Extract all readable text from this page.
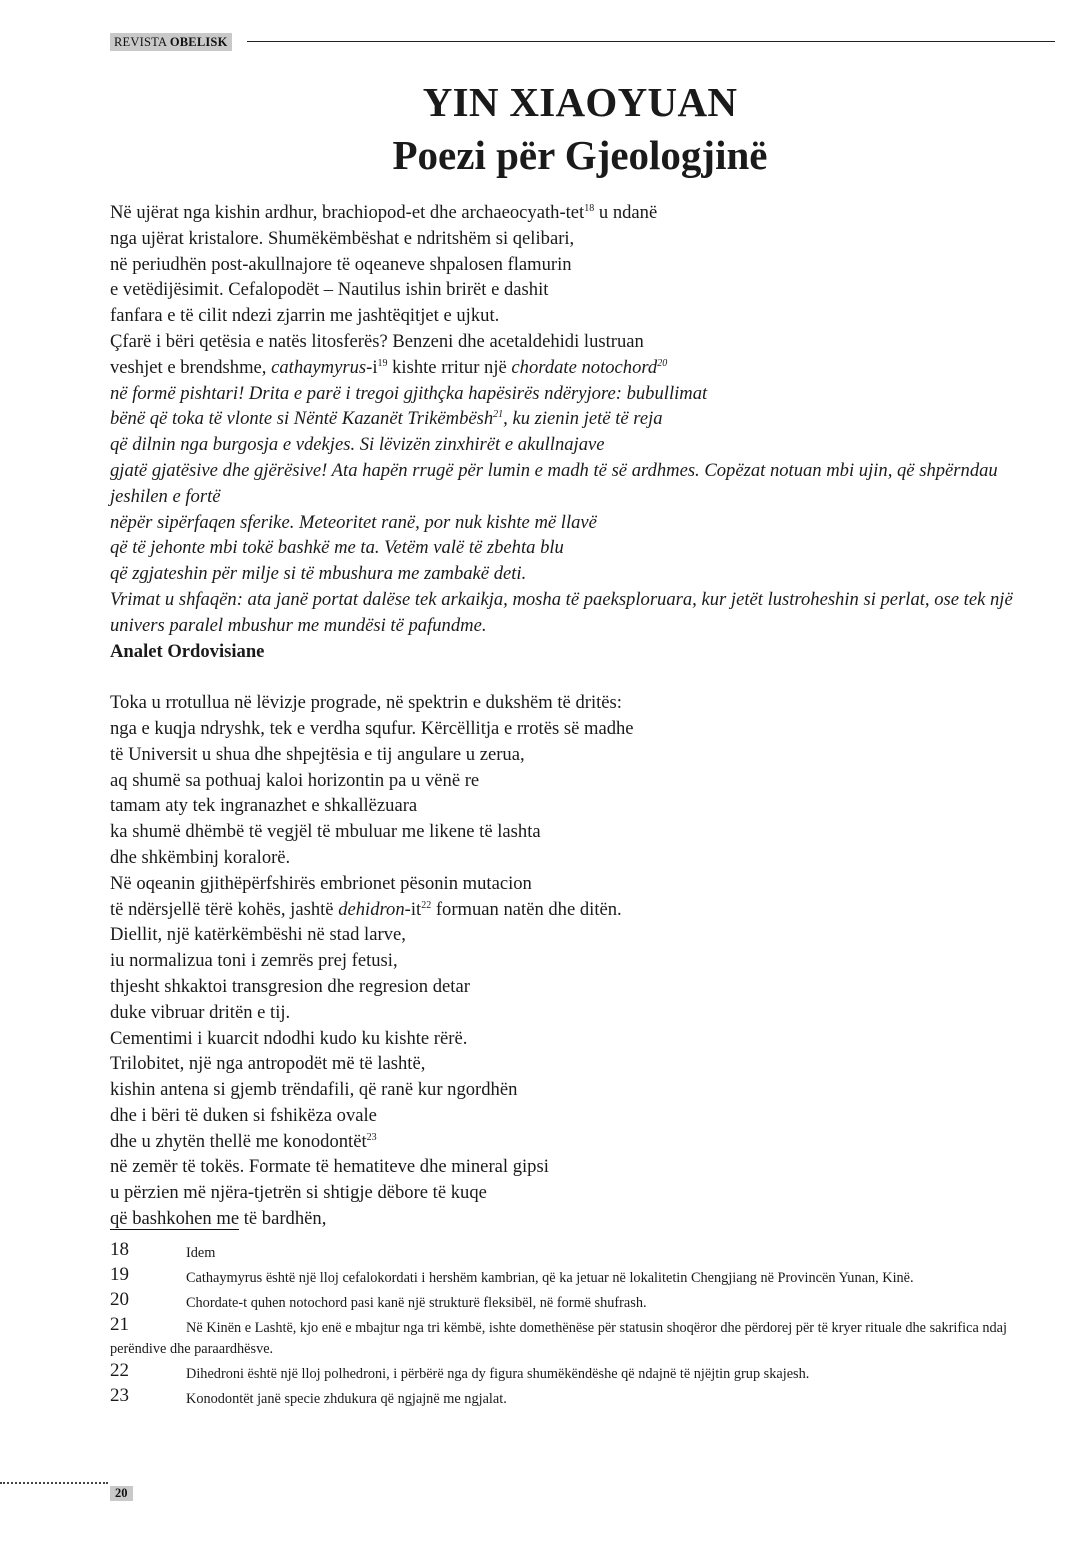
REVISTA OBELISK
YIN XIAOYUAN
Poezi për Gjeologjinë

Në ujërat nga kishin ardhur, brachiopod-et dhe archaeocyath-tet$^{18}$ u ndanë

nga ujërat kristalore. Shumëkëmbëshat e ndritshëm si qelibari,

në periudhën post-akullnajore të oqeaneve shpalosen flamurin

e vetëdijësimit. Cefalopodët – Nautilus ishin brirët e dashit

fanfara e të cilit ndezi zjarrin me jashtëqitjet e ujkut.

Çfarë i bëri qetësia e natës litosferës? Benzeni dhe acetaldehidi lustruan

veshjet e brendshme, cathaymyrus-$i^{19}$ kishte rritur një chordate notochord$^{20}$

në formë pishtari! Drita e parë i tregoi gjithçka hapësirës ndëryjore: bubullimat

bënë që toka të vlonte si Nëntë Kazanët Trikëmbësh$^{21}$, ku zienin jetë të reja

që dilnin nga burgosja e vdekjes. Si lëvizën zinxhirët e akullnajave

gjatë gjatësive dhe gjërësive! Ata hapën rrugë për lumin e madh të së ardhmes. Copëzat notuan mbi ujin, që shpërndau jeshilen e fortë

nëpër sipërfaqen sferike. Meteoritet ranë, por nuk kishte më llavë

që të jehonte mbi tokë bashkë me ta. Vetëm valë të zbehta blu

që zgjateshin për milje si të mbushura me zambakë deti.

Vrimat u shfaqën: ata janë portat dalëse tek arkaikja, mosha të paeksploruara, kur jetët lustroheshin si perlat, ose tek një univers paralel mbushur me mundësi të pafundme.

Analet Ordovisiane

Toka u rrotullua në lëvizje prograde, në spektrin e dukshëm të dritës:

nga e kuqja ndryshk, tek e verdha squfur. Kërcëllitja e rrotës së madhe

të Universit u shua dhe shpejtësia e tij angulare u zerua,

aq shumë sa pothuaj kaloi horizontin pa u vënë re

tamam aty tek ingranazhet e shkallëzuara

ka shumë dhëmbë të vegjël të mbuluar me likene të lashta

dhe shkëmbinj koralorë.

Në oqeanin gjithëpërfshirës embrionet pësonin mutacion

të ndërsjellë tërë kohës, jashtë dehidron-$it^{22}$ formuan natën dhe ditën.

Diellit, një katërkëmbëshi në stad larve,

iu normalizua toni i zemrës prej fetusi,

thjesht shkaktoi transgresion dhe regresion detar

duke vibruar dritën e tij.

Cementimi i kuarcit ndodhi kudo ku kishte rërë.

Trilobitet, një nga antropodët më të lashtë,

kishin antena si gjemb trëndafili, që ranë kur ngordhën

dhe i bëri të duken si fshikëza ovale

dhe u zhytën thellë me konodontët$^{23}$

në zemër të tokës. Formate të hematiteve dhe mineral gipsi

u përzien më njëra-tjetrën si shtigje dëbore të kuqe

që bashkohen me të bardhën,

18	Idem

19	Cathaymyrus është një lloj cefalokordati i hershëm kambrian, që ka jetuar në lokalitetin Chengjiang në Provincën Yunan, Kinë.

20	Chordate-t quhen notochord pasi kanë një strukturë fleksibël, në formë shufrash.

21	Në Kinën e Lashtë, kjo enë e mbajtur nga tri këmbë, ishte domethënëse për statusin shoqëror dhe përdorej për të kryer rituale dhe sakrifica ndaj perëndive dhe paraardhësve.

22	Dihedroni është një lloj polhedroni, i përbërë nga dy figura shumëkëndëshe që ndajnë të njëjtin grup skajesh.

23	Konodontët janë specie zhdukura që ngjajnë me ngjalat.

20
